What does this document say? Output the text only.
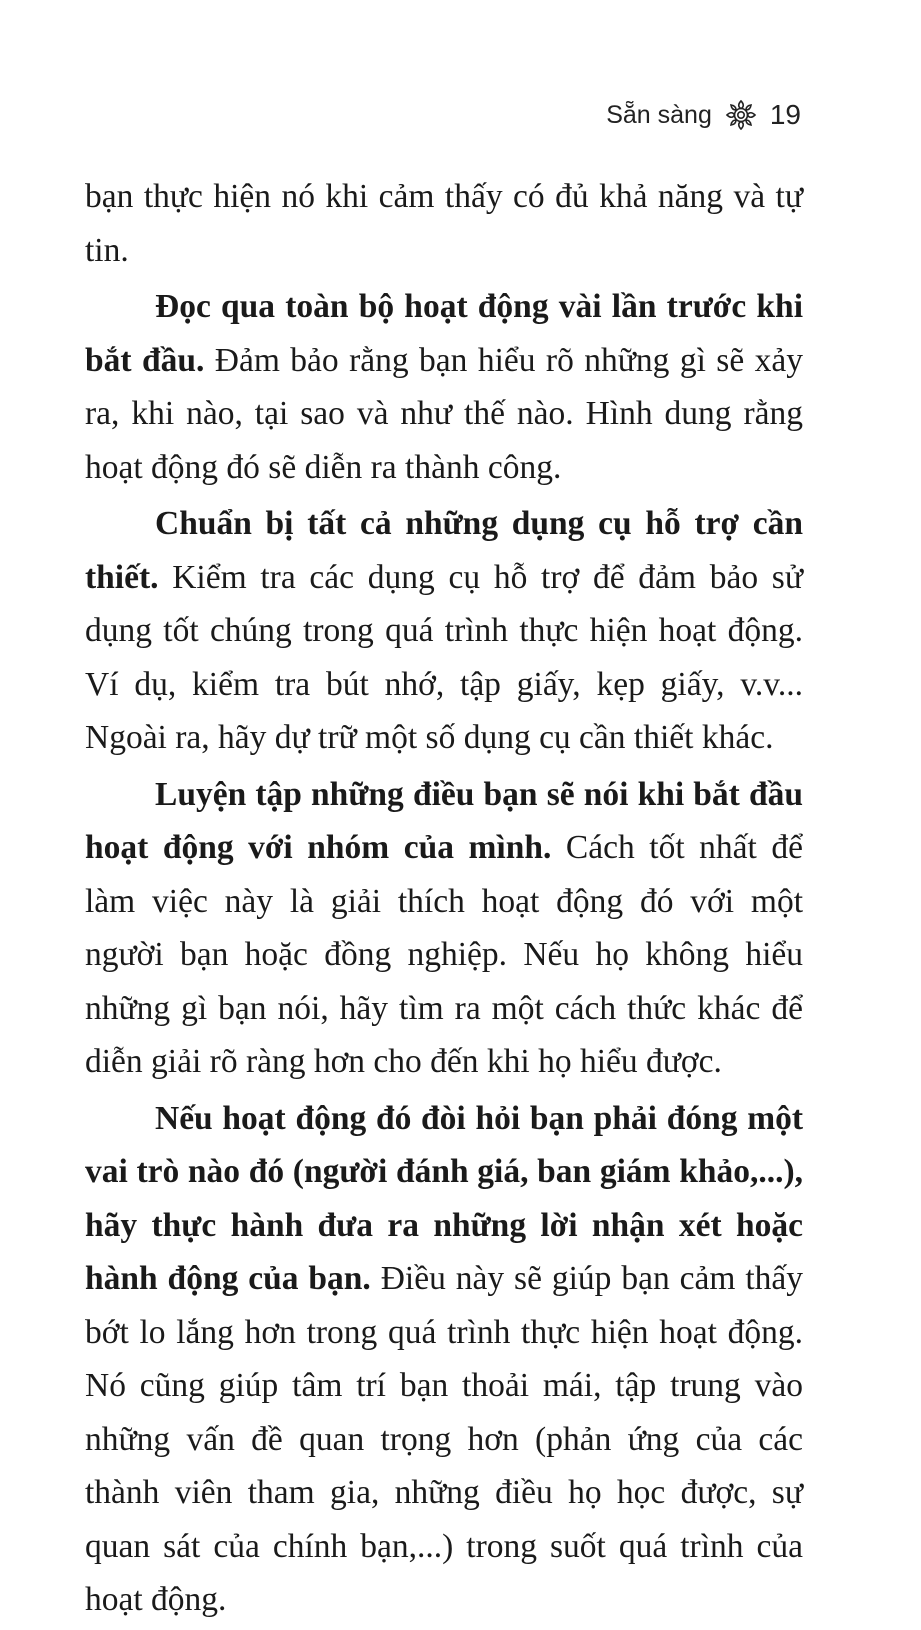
Sẵn sàng 19

bạn thực hiện nó khi cảm thấy có đủ khả năng và tự tin.

Đọc qua toàn bộ hoạt động vài lần trước khi bắt đầu. Đảm bảo rằng bạn hiểu rõ những gì sẽ xảy ra, khi nào, tại sao và như thế nào. Hình dung rằng hoạt động đó sẽ diễn ra thành công.

Chuẩn bị tất cả những dụng cụ hỗ trợ cần thiết. Kiểm tra các dụng cụ hỗ trợ để đảm bảo sử dụng tốt chúng trong quá trình thực hiện hoạt động. Ví dụ, kiểm tra bút nhớ, tập giấy, kẹp giấy, v.v... Ngoài ra, hãy dự trữ một số dụng cụ cần thiết khác.

Luyện tập những điều bạn sẽ nói khi bắt đầu hoạt động với nhóm của mình. Cách tốt nhất để làm việc này là giải thích hoạt động đó với một người bạn hoặc đồng nghiệp. Nếu họ không hiểu những gì bạn nói, hãy tìm ra một cách thức khác để diễn giải rõ ràng hơn cho đến khi họ hiểu được.

Nếu hoạt động đó đòi hỏi bạn phải đóng một vai trò nào đó (người đánh giá, ban giám khảo,...), hãy thực hành đưa ra những lời nhận xét hoặc hành động của bạn. Điều này sẽ giúp bạn cảm thấy bớt lo lắng hơn trong quá trình thực hiện hoạt động. Nó cũng giúp tâm trí bạn thoải mái, tập trung vào những vấn đề quan trọng hơn (phản ứng của các thành viên tham gia, những điều họ học được, sự quan sát của chính bạn,...) trong suốt quá trình của hoạt động.
